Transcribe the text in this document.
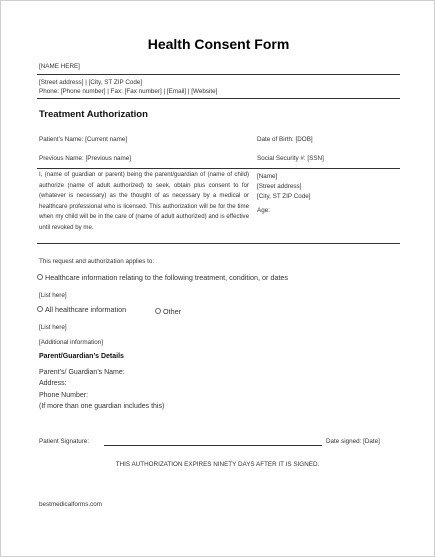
Health Consent Form
[NAME HERE]
[Street address] | [City, ST ZIP Code]
Phone: [Phone number] | Fax: [Fax number] | [Email] | [Website]
Treatment Authorization
Patient’s Name: [Current name]	Date of Birth: [DOB]
Previous Name: [Previous name]	Social Security #: [SSN]
I, (name of guardian or parent) being the parent/guardian of (name of child) authorize (name of adult authorized) to seek, obtain plus consent to for (whatever is necessary) as the thought of as necessary by a medical or healthcare professional who is licensed. This authorization will be for the time when my child will be in the care of (name of adult authorized) and is effective until revoked by me.
[Name]
[Street address]
[City, ST ZIP Code]
Age:
This request and authorization applies to:
Healthcare information relating to the following treatment, condition, or dates
[List here]
All healthcare information	Other
[List here]
[Additional information]
Parent/Guardian’s Details
Parent’s/ Guardian’s Name:
Address:
Phone Number:
(If more than one guardian includes this)
Patient Signature:	Date signed: [Date]
THIS AUTHORIZATION EXPIRES NINETY DAYS AFTER IT IS SIGNED.
bestmedicalforms.com
